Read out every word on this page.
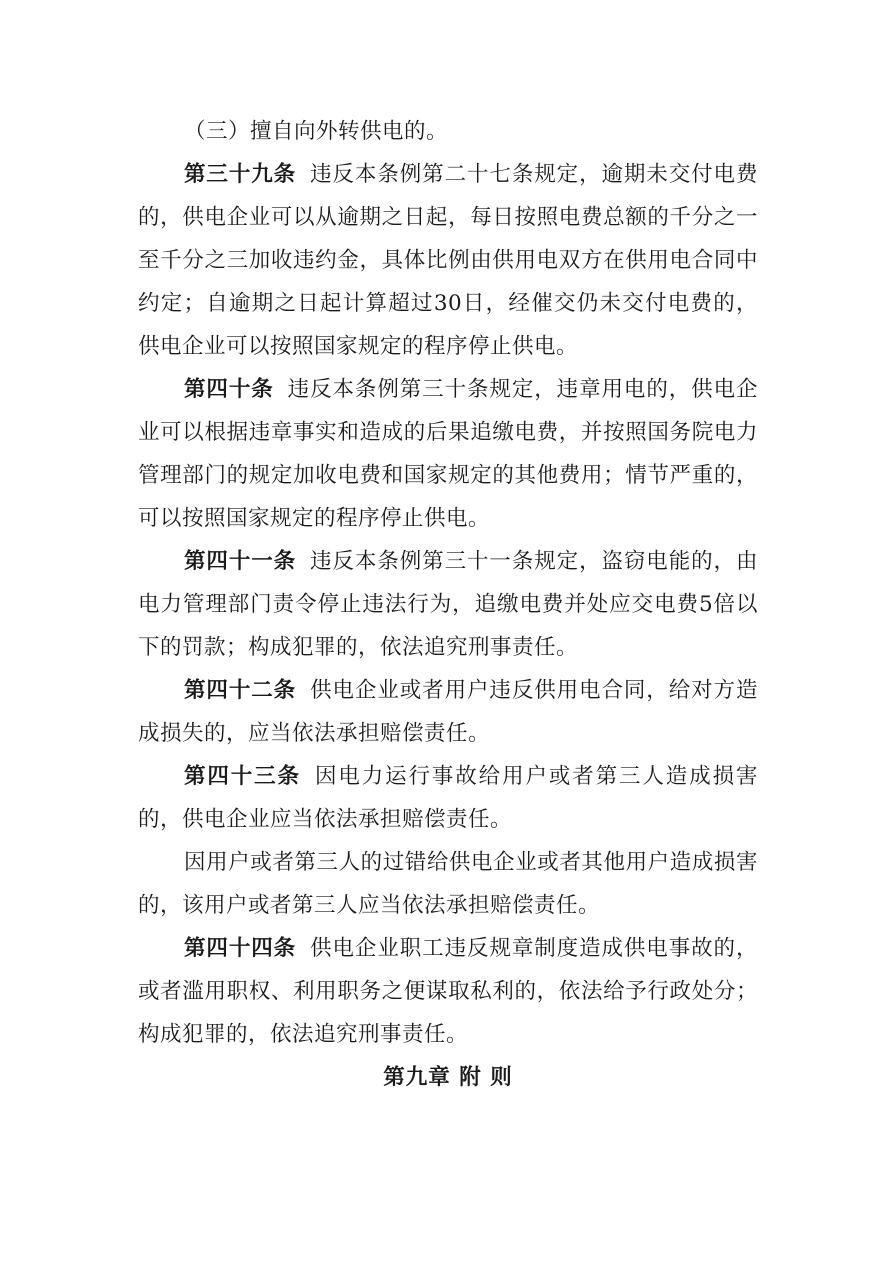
（三）擅自向外转供电的。

第三十九条 违反本条例第二十七条规定，逾期未交付电费的，供电企业可以从逾期之日起，每日按照电费总额的千分之一至千分之三加收违约金，具体比例由供用电双方在供用电合同中约定；自逾期之日起计算超过30日，经催交仍未交付电费的，供电企业可以按照国家规定的程序停止供电。

第四十条 违反本条例第三十条规定，违章用电的，供电企业可以根据违章事实和造成的后果追缴电费，并按照国务院电力管理部门的规定加收电费和国家规定的其他费用；情节严重的，可以按照国家规定的程序停止供电。

第四十一条 违反本条例第三十一条规定，盗窃电能的，由电力管理部门责令停止违法行为，追缴电费并处应交电费5倍以下的罚款；构成犯罪的，依法追究刑事责任。

第四十二条 供电企业或者用户违反供用电合同，给对方造成损失的，应当依法承担赔偿责任。

第四十三条 因电力运行事故给用户或者第三人造成损害的，供电企业应当依法承担赔偿责任。

因用户或者第三人的过错给供电企业或者其他用户造成损害的，该用户或者第三人应当依法承担赔偿责任。

第四十四条 供电企业职工违反规章制度造成供电事故的，或者滥用职权、利用职务之便谋取私利的，依法给予行政处分；构成犯罪的，依法追究刑事责任。

第九章 附 则
